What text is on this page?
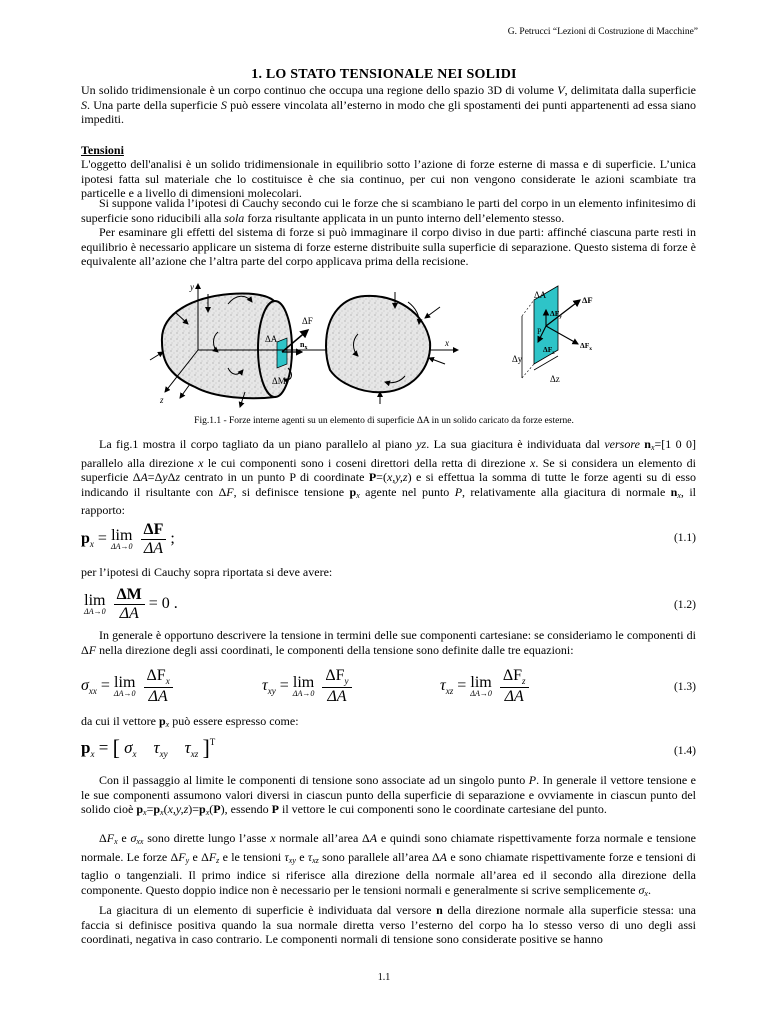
G. Petrucci “Lezioni di Costruzione di Macchine”
1. LO STATO TENSIONALE NEI SOLIDI
Un solido tridimensionale è un corpo continuo che occupa una regione dello spazio 3D di volume V, delimitata dalla superficie S. Una parte della superficie S può essere vincolata all’esterno in modo che gli spostamenti dei punti appartenenti ad essa siano impediti.
Tensioni
L'oggetto dell'analisi è un solido tridimensionale in equilibrio sotto l’azione di forze esterne di massa e di superficie. L’unica ipotesi fatta sul materiale che lo costituisce è che sia continuo, per cui non vengono considerate le azioni scambiate tra particelle e a livello di dimensioni molecolari.
Si suppone valida l’ipotesi di Cauchy secondo cui le forze che si scambiano le parti del corpo in un elemento infinitesimo di superficie sono riducibili alla sola forza risultante applicata in un punto interno dell’elemento stesso.
Per esaminare gli effetti del sistema di forze si può immaginare il corpo diviso in due parti: affinché ciascuna parte resti in equilibrio è necessario applicare un sistema di forze esterne distribuite sulla superficie di separazione. Questo sistema di forze è equivalente all’azione che l’altra parte del corpo applicava prima della recisione.
y
z
x
ΔF
ΔA
$n_x$
ΔM
ΔA	ΔF
$\Delta F_y$
$\Delta F_x$
$\Delta F_z$
P
Δy
Δz
Fig.1.1 - Forze interne agenti su un elemento di superficie ΔA in un solido caricato da forze esterne.
La fig.1 mostra il corpo tagliato da un piano parallelo al piano yz. La sua giacitura è individuata dal versore nx=[1 0 0] parallelo alla direzione x le cui componenti sono i coseni direttori della retta di direzione x. Se si considera un elemento di superficie ΔA=ΔyΔz centrato in un punto P di coordinate P=(x,y,z) e si effettua la somma di tutte le forze agenti su di esso indicando il risultante con ΔF, si definisce tensione px agente nel punto P, relativamente alla giacitura di normale nx, il rapporto:
$p_x = \lim$
ΔA→0
$\frac{\Delta F}{\Delta A}$ ;	(1.1)
per l’ipotesi di Cauchy sopra riportata si deve avere:
lim
ΔA→0
$\frac{\Delta M}{\Delta A} = 0$ .	(1.2)
In generale è opportuno descrivere la tensione in termini delle sue componenti cartesiane: se consideriamo le componenti di ΔF nella direzione degli assi coordinati, le componenti della tensione sono definite dalle tre equazioni:
$\sigma_{xx} = \lim$
ΔA→0
$\frac{\Delta F_x}{\Delta A}$	$\tau_{xy} = \lim$
ΔA→0
$\frac{\Delta F_y}{\Delta A}$	$\tau_{xz} = \lim$
ΔA→0
$\frac{\Delta F_z}{\Delta A}$	(1.3)
da cui il vettore px può essere espresso come:
$p_x$ = [ $\sigma_x$ $\tau_{xy}$ $\tau_{xz}$ ]$^T$
(1.4)
Con il passaggio al limite le componenti di tensione sono associate ad un singolo punto P. In generale il vettore tensione e le sue componenti assumono valori diversi in ciascun punto della superficie di separazione e ovviamente in ciascun punto del solido cioè px=px(x,y,z)=px(P), essendo P il vettore le cui componenti sono le coordinate cartesiane del punto.
ΔFx e σxx sono dirette lungo l’asse x normale all’area ΔA e quindi sono chiamate rispettivamente forza normale e tensione normale. Le forze ΔFy e ΔFz e le tensioni τxy e τxz sono parallele all’area ΔA e sono chiamate rispettivamente forze e tensioni di taglio o tangenziali. Il primo indice si riferisce alla direzione della normale all’area ed il secondo alla direzione della componente. Questo doppio indice non è necessario per le tensioni normali e generalmente si scrive semplicemente σx.
La giacitura di un elemento di superficie è individuata dal versore n della direzione normale alla superficie stessa: una faccia si definisce positiva quando la sua normale diretta verso l’esterno del corpo ha lo stesso verso di uno degli assi coordinati, negativa in caso contrario. Le componenti normali di tensione sono considerate positive se hanno
1.1
